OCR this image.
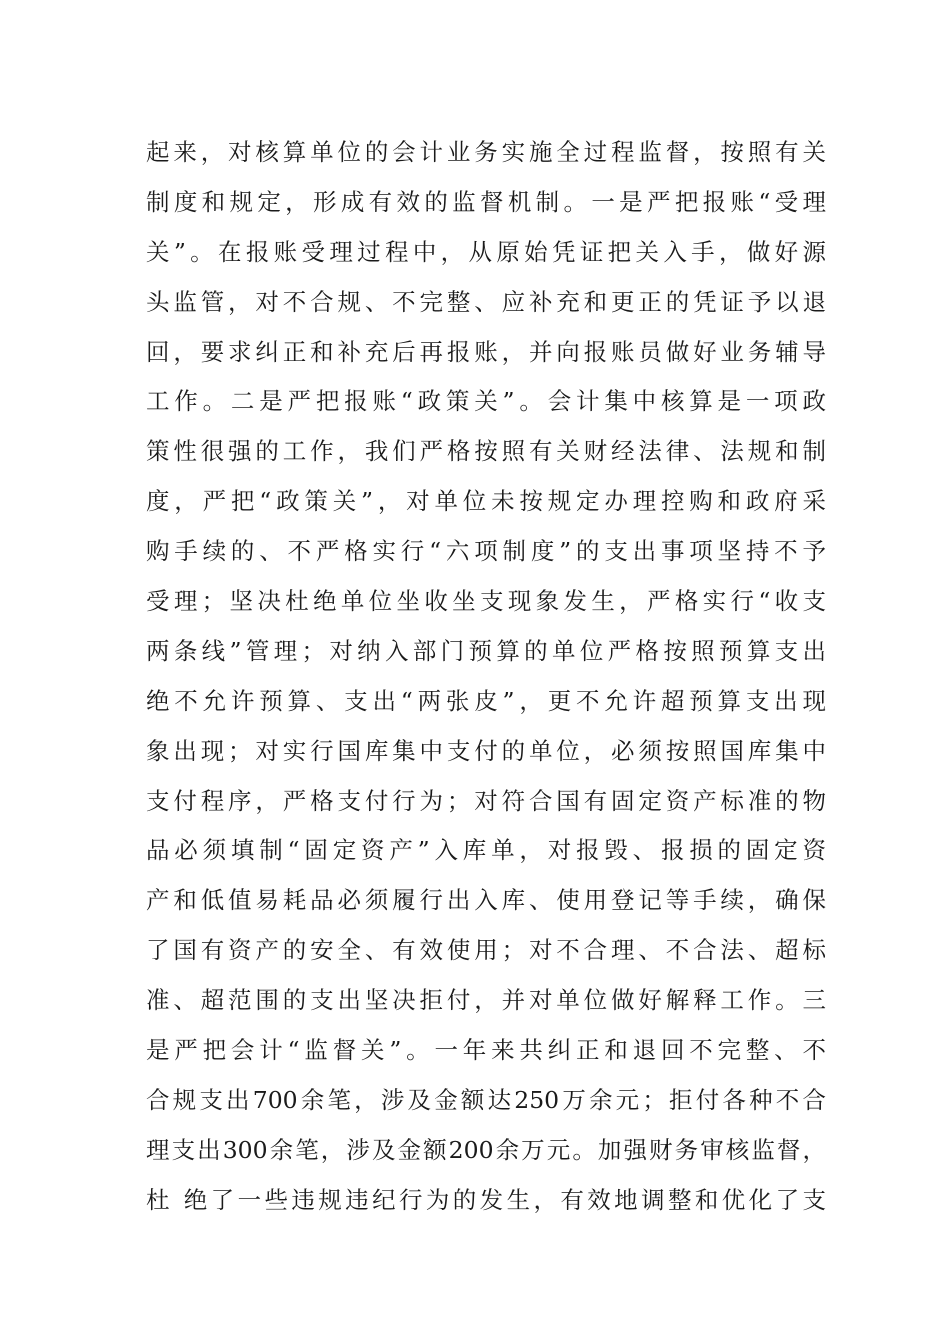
起来，对核算单位的会计业务实施全过程监督，按照有关
制度和规定，形成有效的监督机制。一是严把报账“受理
关”。在报账受理过程中，从原始凭证把关入手，做好源
头监管，对不合规、不完整、应补充和更正的凭证予以退
回，要求纠正和补充后再报账，并向报账员做好业务辅导
工作。二是严把报账“政策关”。会计集中核算是一项政
策性很强的工作，我们严格按照有关财经法律、法规和制
度，严把“政策关”，对单位未按规定办理控购和政府采
购手续的、不严格实行“六项制度”的支出事项坚持不予
受理；坚决杜绝单位坐收坐支现象发生，严格实行“收支
两条线”管理；对纳入部门预算的单位严格按照预算支出
绝不允许预算、支出“两张皮”，更不允许超预算支出现
象出现；对实行国库集中支付的单位，必须按照国库集中
支付程序，严格支付行为；对符合国有固定资产标准的物
品必须填制“固定资产”入库单，对报毁、报损的固定资
产和低值易耗品必须履行出入库、使用登记等手续，确保
了国有资产的安全、有效使用；对不合理、不合法、超标
准、超范围的支出坚决拒付，并对单位做好解释工作。三
是严把会计“监督关”。一年来共纠正和退回不完整、不
合规支出700余笔，涉及金额达250万余元；拒付各种不合
理支出300余笔，涉及金额200余万元。加强财务审核监督，
杜 绝了一些违规违纪行为的发生，有效地调整和优化了支
